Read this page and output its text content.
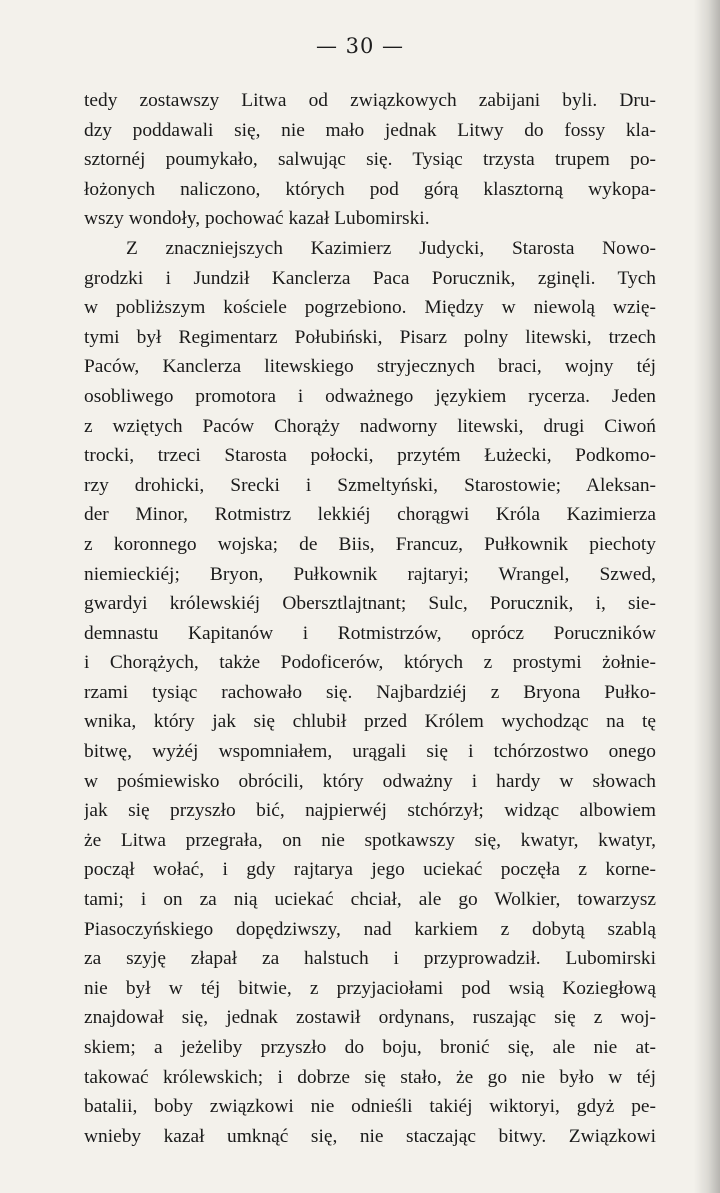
— 30 —
tedy zostawszy Litwa od związkowych zabijani byli. Dru-
dzy poddawali się, nie mało jednak Litwy do fossy kla-
sztornéj poumykało, salwując się. Tysiąc trzysta trupem po-
łożonych naliczono, których pod górą klasztorną wykopa-
wszy wondoły, pochować kazał Lubomirski.
Z znaczniejszych Kazimierz Judycki, Starosta Nowo-
grodzki i Jundził Kanclerza Paca Porucznik, zginęli. Tych
w pobliższym kościele pogrzebiono. Między w niewolą wzię-
tymi był Regimentarz Połubiński, Pisarz polny litewski, trzech
Paców, Kanclerza litewskiego stryjecznych braci, wojny téj
osobliwego promotora i odważnego językiem rycerza. Jeden
z wziętych Paców Chorąży nadworny litewski, drugi Ciwoń
trocki, trzeci Starosta połocki, przytém Łużecki, Podkomo-
rzy drohicki, Srecki i Szmeltyński, Starostowie; Aleksan-
der Minor, Rotmistrz lekkiéj chorągwi Króla Kazimierza
z koronnego wojska; de Biis, Francuz, Pułkownik piechoty
niemieckiéj; Bryon, Pułkownik rajtaryi; Wrangel, Szwed,
gwardyi królewskiéj Obersztlajtnant; Sulc, Porucznik, i, sie-
demnastu Kapitanów i Rotmistrzów, oprócz Poruczników
i Chorążych, także Podoficerów, których z prostymi żołnie-
rzami tysiąc rachowało się. Najbardziéj z Bryona Pułko-
wnika, który jak się chlubił przed Królem wychodząc na tę
bitwę, wyżéj wspomniałem, urągali się i tchórzostwo onego
w pośmiewisko obrócili, który odważny i hardy w słowach
jak się przyszło bić, najpierwéj stchórzył; widząc albowiem
że Litwa przegrała, on nie spotkawszy się, kwatyr, kwatyr,
począł wołać, i gdy rajtarya jego uciekać poczęła z korne-
tami; i on za nią uciekać chciał, ale go Wolkier, towarzysz
Piasoczyńskiego dopędziwszy, nad karkiem z dobytą szablą
za szyję złapał za halstuch i przyprowadził. Lubomirski
nie był w téj bitwie, z przyjaciołami pod wsią Koziegłową
znajdował się, jednak zostawił ordynans, ruszając się z woj-
skiem; a jeżeliby przyszło do boju, bronić się, ale nie at-
takować królewskich; i dobrze się stało, że go nie było w téj
batalii, boby związkowi nie odnieśli takiéj wiktoryi, gdyż pe-
wnieby kazał umknąć się, nie staczając bitwy. Związkowi
